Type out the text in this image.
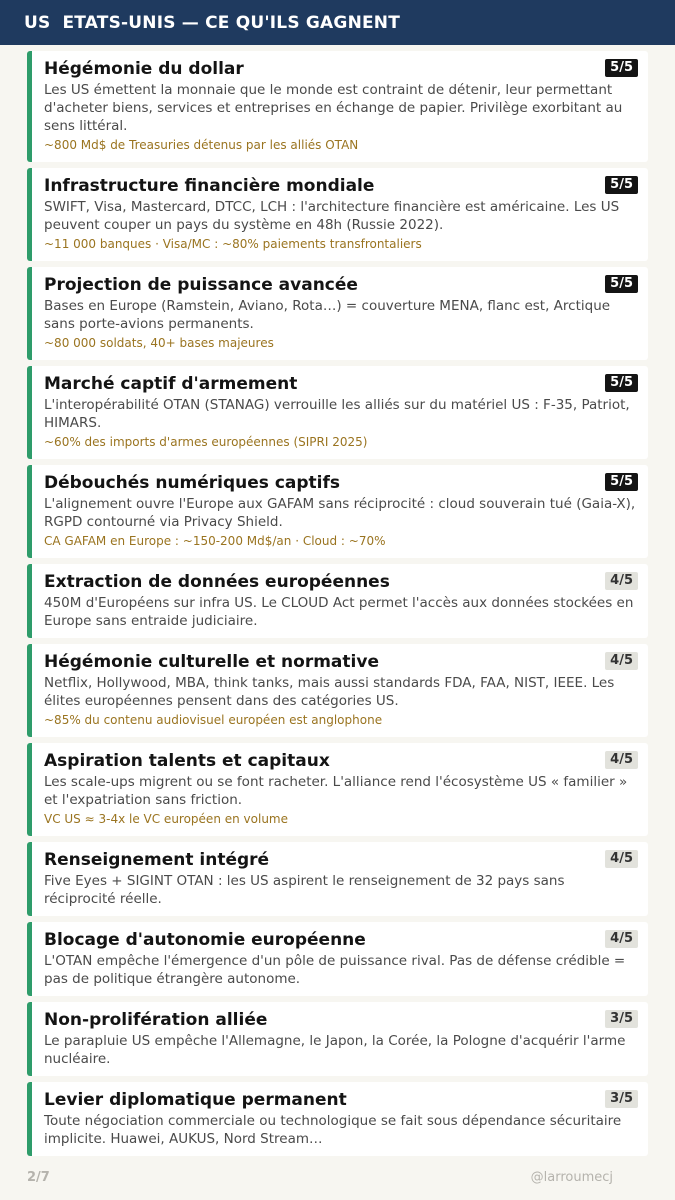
US ETATS-UNIS — CE QU'ILS GAGNENT
Hégémonie du dollar	5/5
Les US émettent la monnaie que le monde est contraint de détenir, leur permettant d'acheter biens, services et entreprises en échange de papier. Privilège exorbitant au sens littéral.
~800 Md$ de Treasuries détenus par les alliés OTAN
Infrastructure financière mondiale	5/5
SWIFT, Visa, Mastercard, DTCC, LCH : l'architecture financière est américaine. Les US peuvent couper un pays du système en 48h (Russie 2022).
~11 000 banques · Visa/MC : ~80% paiements transfrontaliers
Projection de puissance avancée	5/5
Bases en Europe (Ramstein, Aviano, Rota…) = couverture MENA, flanc est, Arctique sans porte-avions permanents.
~80 000 soldats, 40+ bases majeures
Marché captif d'armement	5/5
L'interopérabilité OTAN (STANAG) verrouille les alliés sur du matériel US : F-35, Patriot, HIMARS.
~60% des imports d'armes européennes (SIPRI 2025)
Débouchés numériques captifs	5/5
L'alignement ouvre l'Europe aux GAFAM sans réciprocité : cloud souverain tué (Gaia-X), RGPD contourné via Privacy Shield.
CA GAFAM en Europe : ~150-200 Md$/an · Cloud : ~70%
Extraction de données européennes	4/5
450M d'Européens sur infra US. Le CLOUD Act permet l'accès aux données stockées en Europe sans entraide judiciaire.
Hégémonie culturelle et normative	4/5
Netflix, Hollywood, MBA, think tanks, mais aussi standards FDA, FAA, NIST, IEEE. Les élites européennes pensent dans des catégories US.
~85% du contenu audiovisuel européen est anglophone
Aspiration talents et capitaux	4/5
Les scale-ups migrent ou se font racheter. L'alliance rend l'écosystème US « familier » et l'expatriation sans friction.
VC US ≈ 3-4x le VC européen en volume
Renseignement intégré	4/5
Five Eyes + SIGINT OTAN : les US aspirent le renseignement de 32 pays sans réciprocité réelle.
Blocage d'autonomie européenne	4/5
L'OTAN empêche l'émergence d'un pôle de puissance rival. Pas de défense crédible = pas de politique étrangère autonome.
Non-prolifération alliée	3/5
Le parapluie US empêche l'Allemagne, le Japon, la Corée, la Pologne d'acquérir l'arme nucléaire.
Levier diplomatique permanent	3/5
Toute négociation commerciale ou technologique se fait sous dépendance sécuritaire implicite. Huawei, AUKUS, Nord Stream…
2/7	@larroumecj
